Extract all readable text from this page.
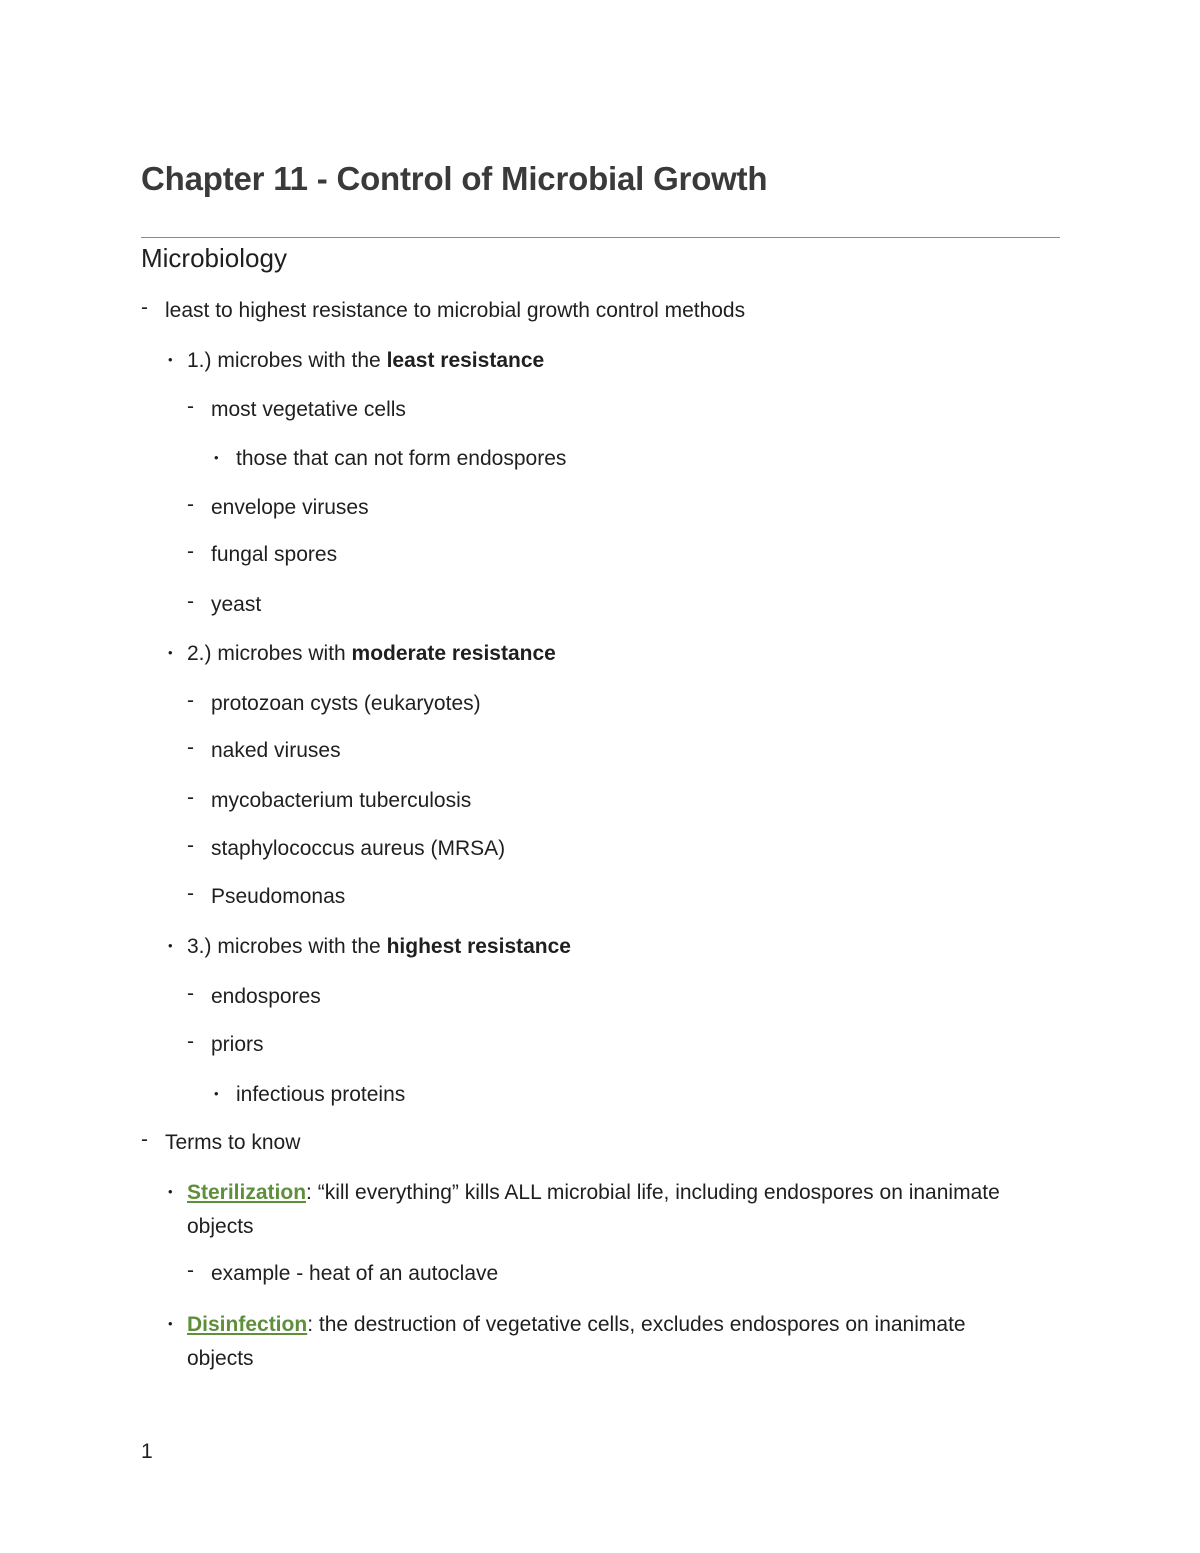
Chapter 11 - Control of Microbial Growth
Microbiology
- least to highest resistance to microbial growth control methods
• 1.) microbes with the least resistance
- most vegetative cells
• those that can not form endospores
- envelope viruses
- fungal spores
- yeast
• 2.) microbes with moderate resistance
- protozoan cysts (eukaryotes)
- naked viruses
- mycobacterium tuberculosis
- staphylococcus aureus (MRSA)
- Pseudomonas
• 3.) microbes with the highest resistance
- endospores
- priors
• infectious proteins
- Terms to know
• Sterilization: “kill everything” kills ALL microbial life, including endospores on inanimate objects
- example - heat of an autoclave
• Disinfection: the destruction of vegetative cells, excludes endospores on inanimate objects
1
